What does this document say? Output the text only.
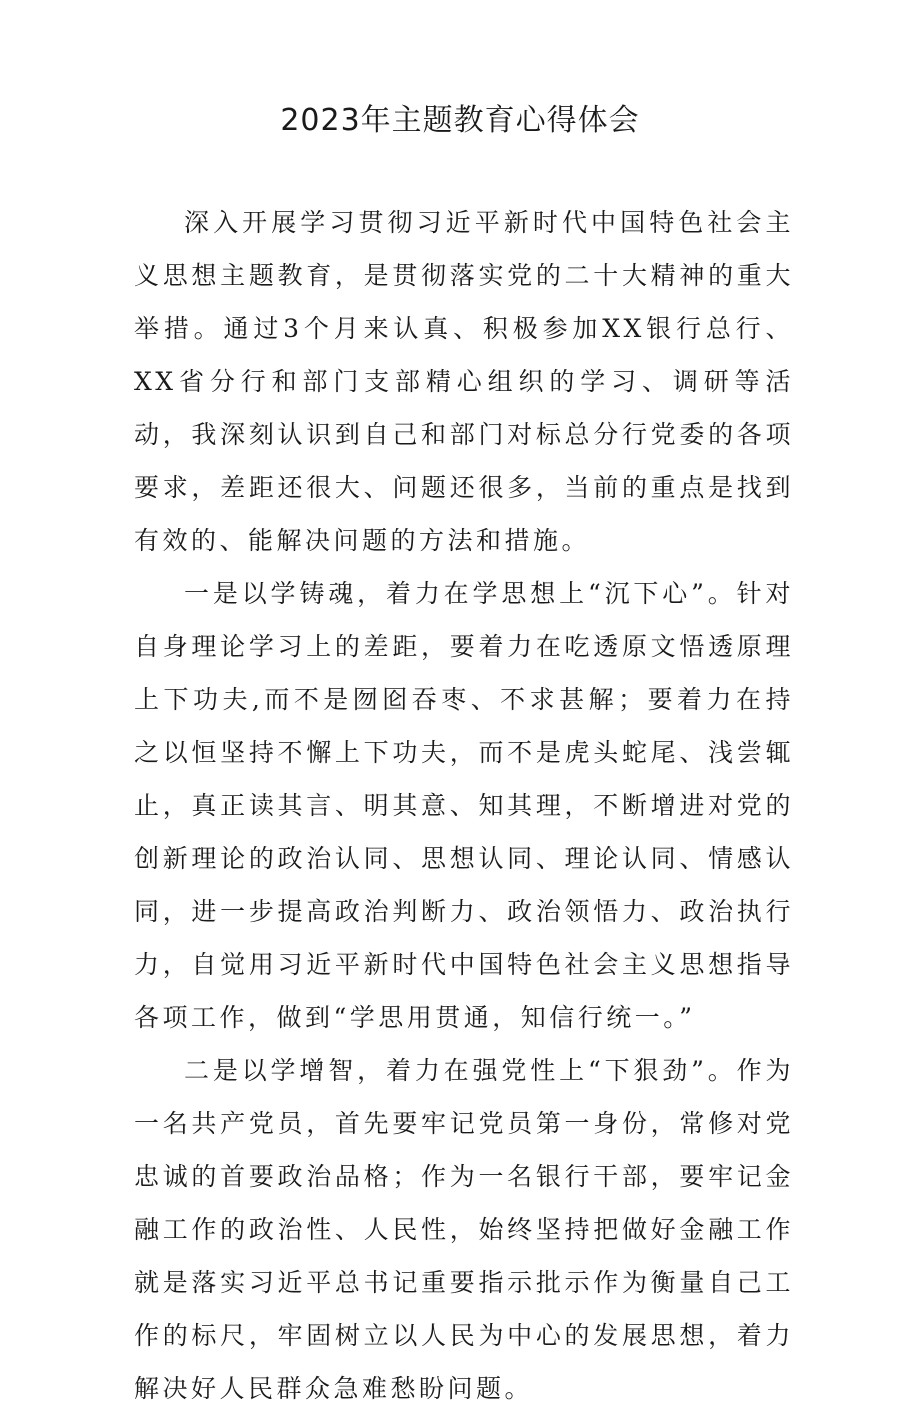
2023年主题教育心得体会

深入开展学习贯彻习近平新时代中国特色社会主义思想主题教育，是贯彻落实党的二十大精神的重大举措。通过3个月来认真、积极参加XX银行总行、XX省分行和部门支部精心组织的学习、调研等活动，我深刻认识到自己和部门对标总分行党委的各项要求，差距还很大、问题还很多，当前的重点是找到有效的、能解决问题的方法和措施。

一是以学铸魂，着力在学思想上“沉下心”。针对自身理论学习上的差距，要着力在吃透原文悟透原理上下功夫,而不是囫囵吞枣、不求甚解；要着力在持之以恒坚持不懈上下功夫，而不是虎头蛇尾、浅尝辄止，真正读其言、明其意、知其理，不断增进对党的创新理论的政治认同、思想认同、理论认同、情感认同，进一步提高政治判断力、政治领悟力、政治执行力，自觉用习近平新时代中国特色社会主义思想指导各项工作，做到“学思用贯通，知信行统一。”

二是以学增智，着力在强党性上“下狠劲”。作为一名共产党员，首先要牢记党员第一身份，常修对党忠诚的首要政治品格；作为一名银行干部，要牢记金融工作的政治性、人民性，始终坚持把做好金融工作就是落实习近平总书记重要指示批示作为衡量自己工作的标尺，牢固树立以人民为中心的发展思想，着力解决好人民群众急难愁盼问题。
